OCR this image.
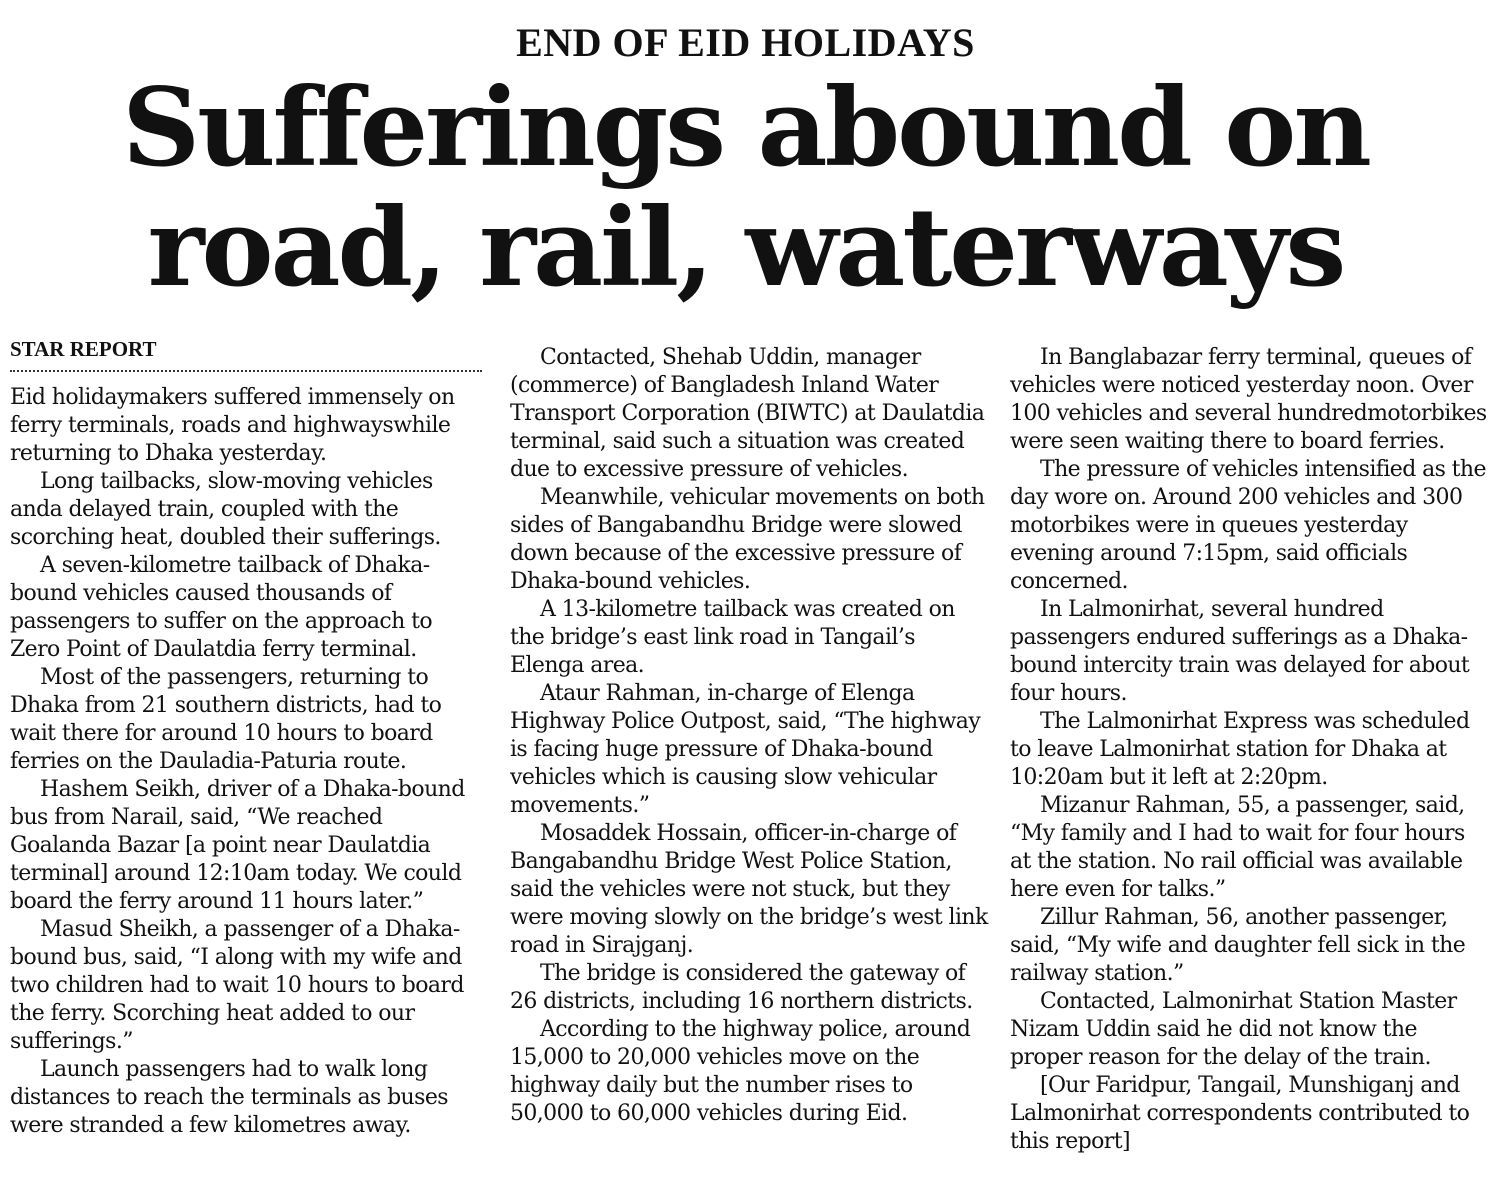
END OF EID HOLIDAYS
Sufferings abound on
road, rail, waterways
STAR REPORT

Eid holidaymakers suffered immensely on ferry terminals, roads and highwayswhile returning to Dhaka yesterday.

Long tailbacks, slow-moving vehicles anda delayed train, coupled with the scorching heat, doubled their sufferings.

A seven-kilometre tailback of Dhaka-bound vehicles caused thousands of passengers to suffer on the approach to Zero Point of Daulatdia ferry terminal.

Most of the passengers, returning to Dhaka from 21 southern districts, had to wait there for around 10 hours to board ferries on the Dauladia-Paturia route.

Hashem Seikh, driver of a Dhaka-bound bus from Narail, said, “We reached Goalanda Bazar [a point near Daulatdia terminal] around 12:10am today. We could board the ferry around 11 hours later.”

Masud Sheikh, a passenger of a Dhaka-bound bus, said, “I along with my wife and two children had to wait 10 hours to board the ferry. Scorching heat added to our sufferings.”

Launch passengers had to walk long distances to reach the terminals as buses were stranded a few kilometres away.

Contacted, Shehab Uddin, manager (commerce) of Bangladesh Inland Water Transport Corporation (BIWTC) at Daulatdia terminal, said such a situation was created due to excessive pressure of vehicles.

Meanwhile, vehicular movements on both sides of Bangabandhu Bridge were slowed down because of the excessive pressure of Dhaka-bound vehicles.

A 13-kilometre tailback was created on the bridge’s east link road in Tangail’s Elenga area.

Ataur Rahman, in-charge of Elenga Highway Police Outpost, said, “The highway is facing huge pressure of Dhaka-bound vehicles which is causing slow vehicular movements.”

Mosaddek Hossain, officer-in-charge of Bangabandhu Bridge West Police Station, said the vehicles were not stuck, but they were moving slowly on the bridge’s west link road in Sirajganj.

The bridge is considered the gateway of 26 districts, including 16 northern districts.

According to the highway police, around 15,000 to 20,000 vehicles move on the highway daily but the number rises to 50,000 to 60,000 vehicles during Eid.

In Banglabazar ferry terminal, queues of vehicles were noticed yesterday noon. Over 100 vehicles and several hundredmotorbikes were seen waiting there to board ferries.

The pressure of vehicles intensified as the day wore on. Around 200 vehicles and 300 motorbikes were in queues yesterday evening around 7:15pm, said officials concerned.

In Lalmonirhat, several hundred passengers endured sufferings as a Dhaka-bound intercity train was delayed for about four hours.

The Lalmonirhat Express was scheduled to leave Lalmonirhat station for Dhaka at 10:20am but it left at 2:20pm.

Mizanur Rahman, 55, a passenger, said, “My family and I had to wait for four hours at the station. No rail official was available here even for talks.”

Zillur Rahman, 56, another passenger, said, “My wife and daughter fell sick in the railway station.”

Contacted, Lalmonirhat Station Master Nizam Uddin said he did not know the proper reason for the delay of the train.

[Our Faridpur, Tangail, Munshiganj and Lalmonirhat correspondents contributed to this report]
